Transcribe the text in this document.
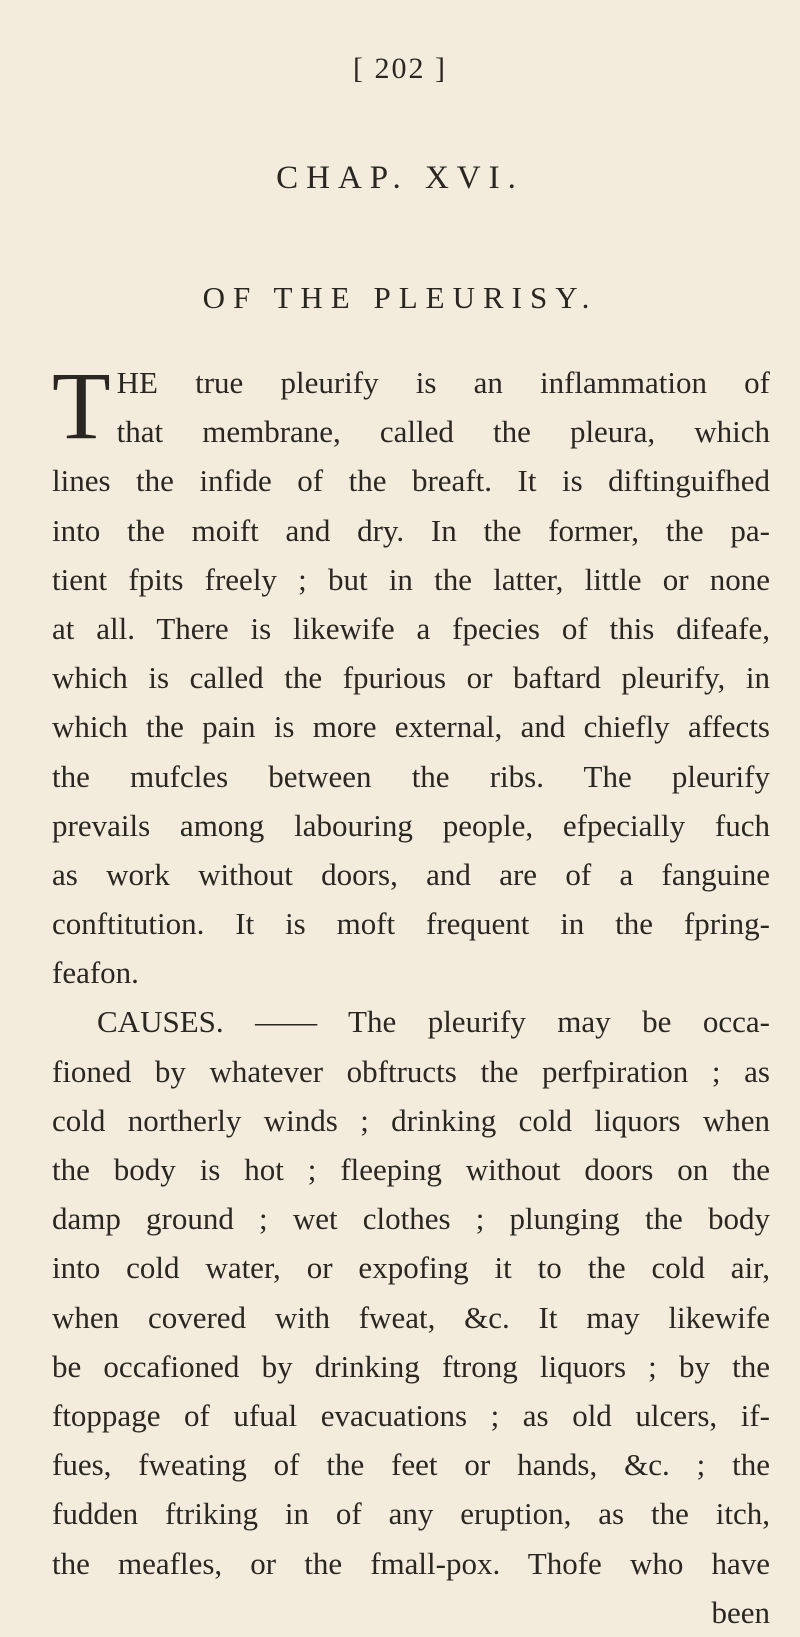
[ 202 ]
CHAP. XVI.
OF THE PLEURISY.
T HE true pleurify is an inflammation of
that membrane, called the pleura, which
lines the infide of the breaft. It is diftinguifhed
into the moift and dry. In the former, the pa-
tient fpits freely ; but in the latter, little or none
at all. There is likewife a fpecies of this difeafe,
which is called the fpurious or baftard pleurify, in
which the pain is more external, and chiefly affects
the mufcles between the ribs. The pleurify
prevails among labouring people, efpecially fuch
as work without doors, and are of a fanguine
conftitution. It is moft frequent in the fpring-
feafon.
CAUSES. —— The pleurify may be occa-
fioned by whatever obftructs the perfpiration ; as
cold northerly winds ; drinking cold liquors when
the body is hot ; fleeping without doors on the
damp ground ; wet clothes ; plunging the body
into cold water, or expofing it to the cold air,
when covered with fweat, &c. It may likewife
be occafioned by drinking ftrong liquors ; by the
ftoppage of ufual evacuations ; as old ulcers, if-
fues, fweating of the feet or hands, &c. ; the
fudden ftriking in of any eruption, as the itch,
the meafles, or the fmall-pox. Thofe who have
been
